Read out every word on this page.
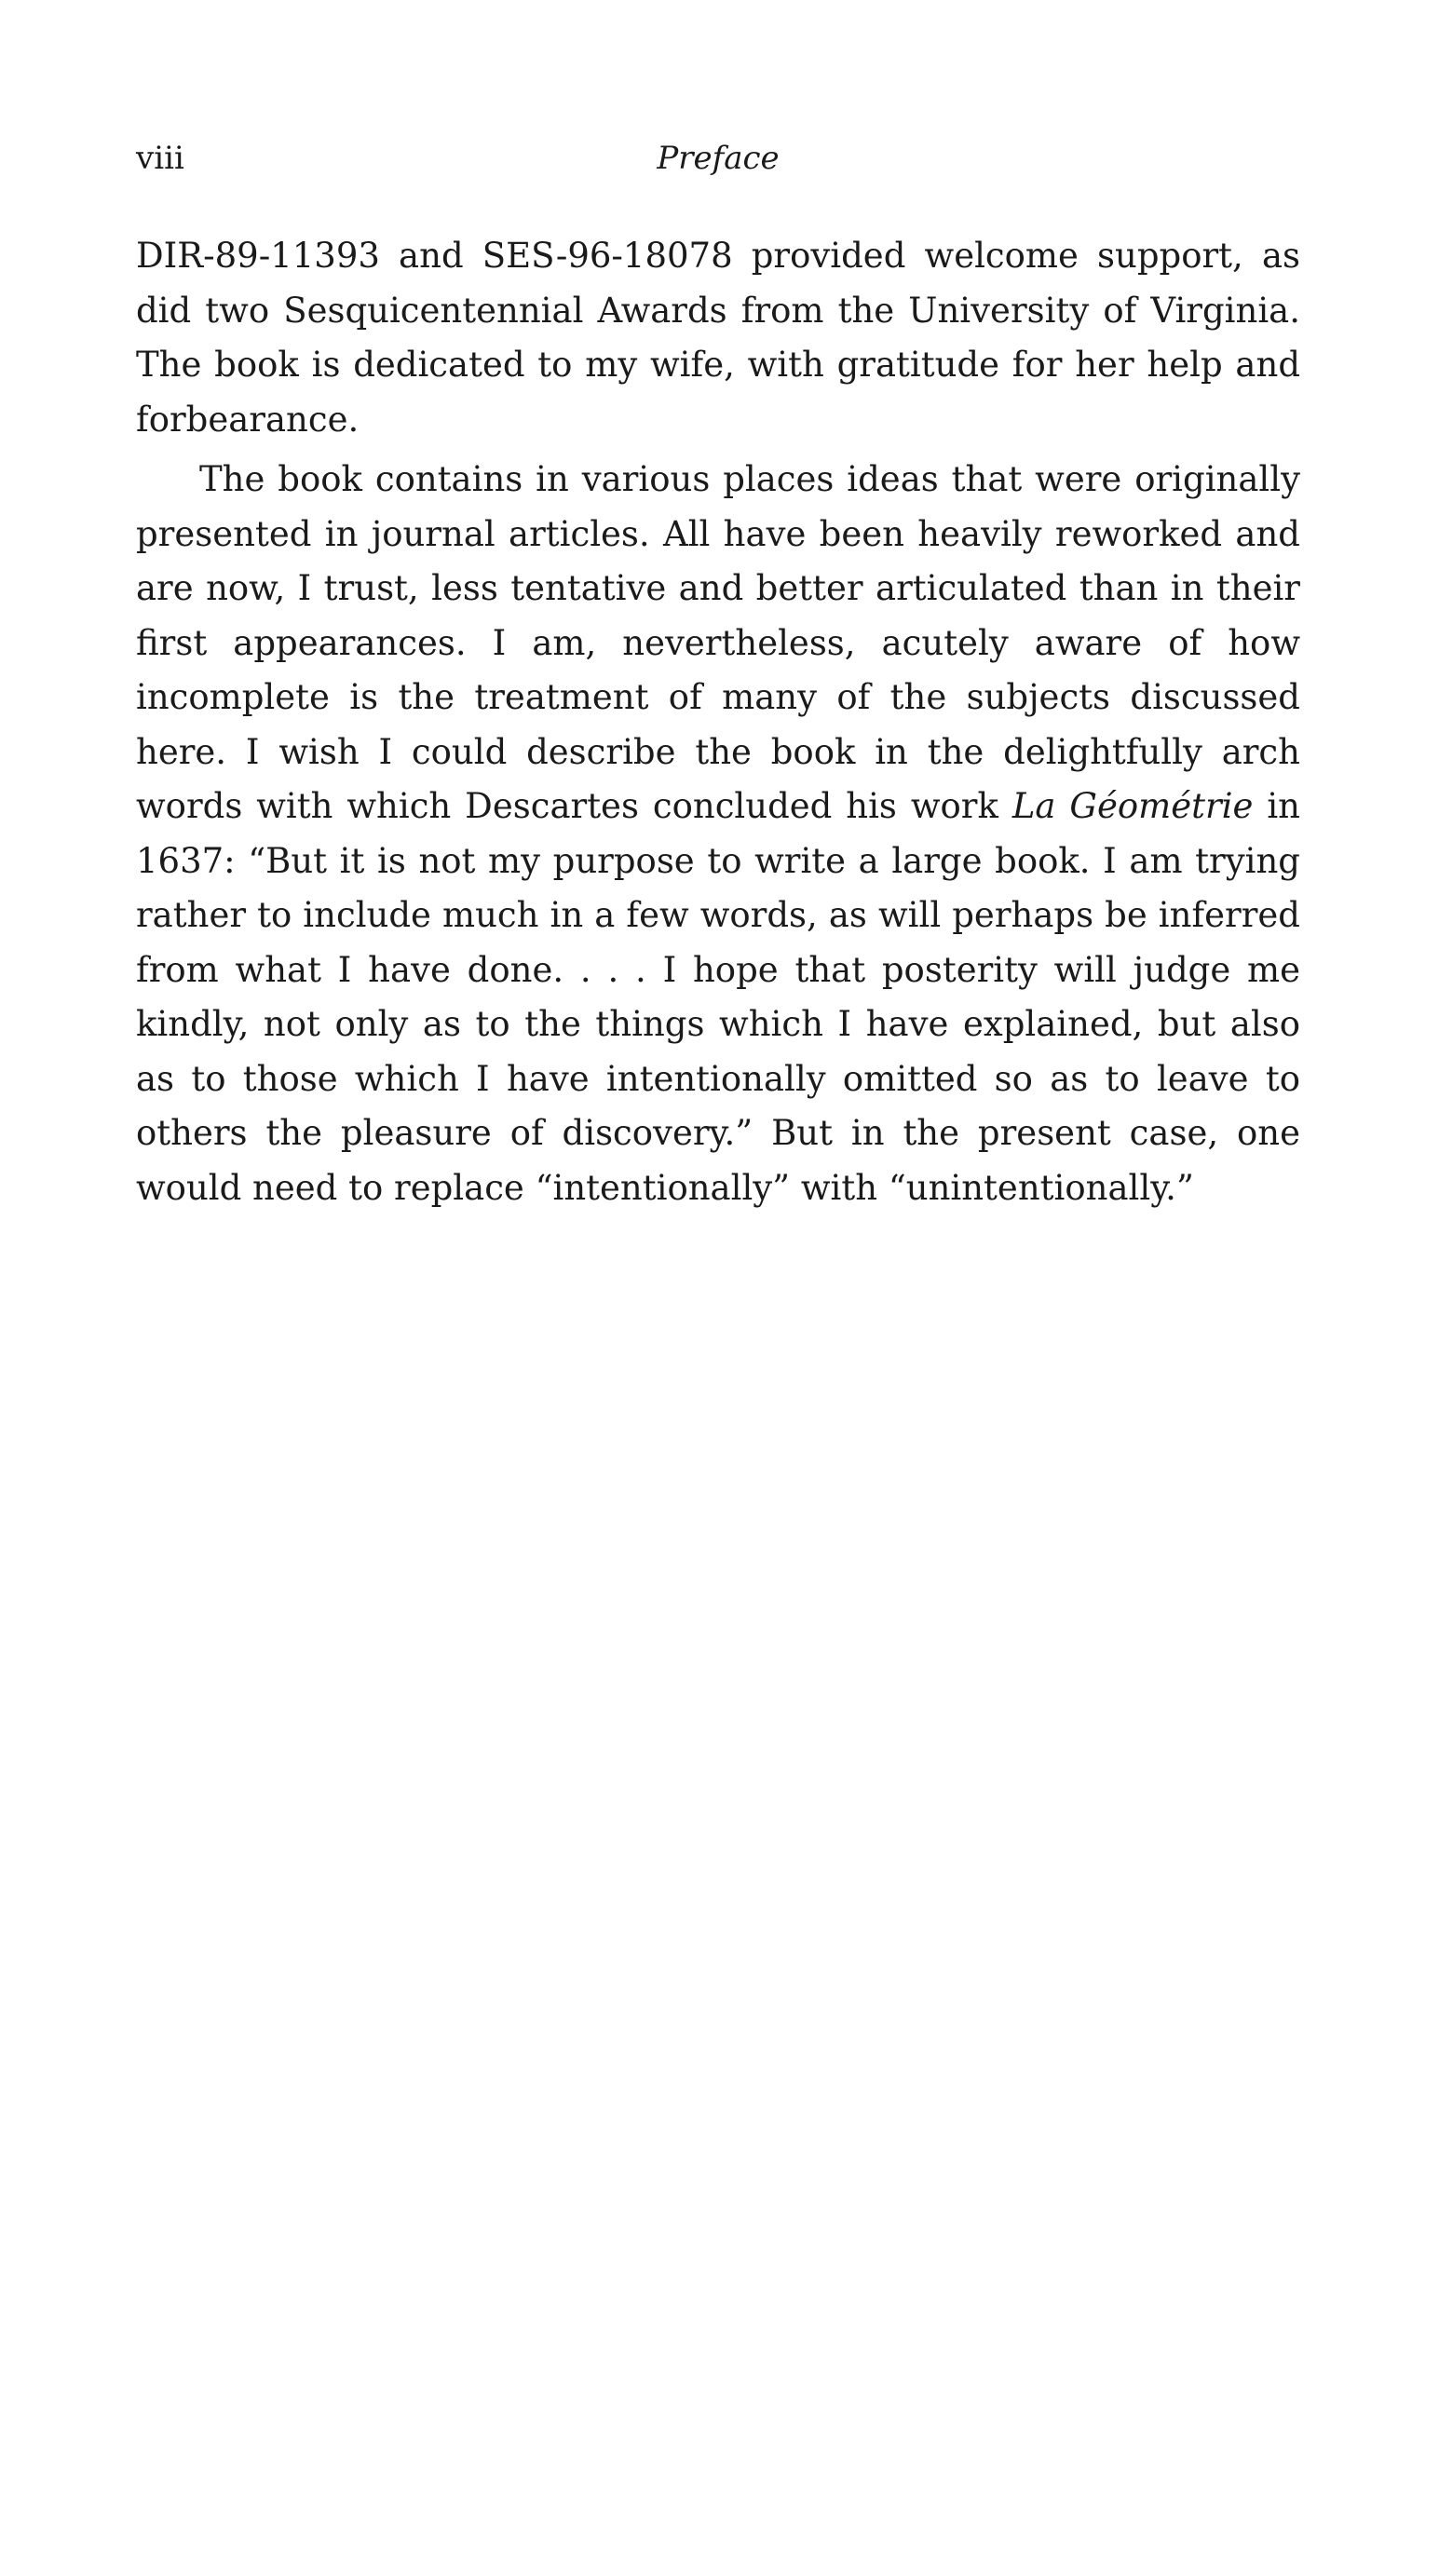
viii	Preface

DIR-89-11393 and SES-96-18078 provided welcome support, as did two Sesquicentennial Awards from the University of Virginia. The book is dedicated to my wife, with gratitude for her help and forbearance.

The book contains in various places ideas that were originally presented in journal articles. All have been heavily reworked and are now, I trust, less tentative and better articulated than in their first appearances. I am, nevertheless, acutely aware of how incomplete is the treatment of many of the subjects discussed here. I wish I could describe the book in the delightfully arch words with which Descartes concluded his work La Géométrie in 1637: “But it is not my purpose to write a large book. I am trying rather to include much in a few words, as will perhaps be inferred from what I have done. . . . I hope that posterity will judge me kindly, not only as to the things which I have explained, but also as to those which I have intentionally omitted so as to leave to others the pleasure of discovery.” But in the present case, one would need to replace “intentionally” with “unintentionally.”
